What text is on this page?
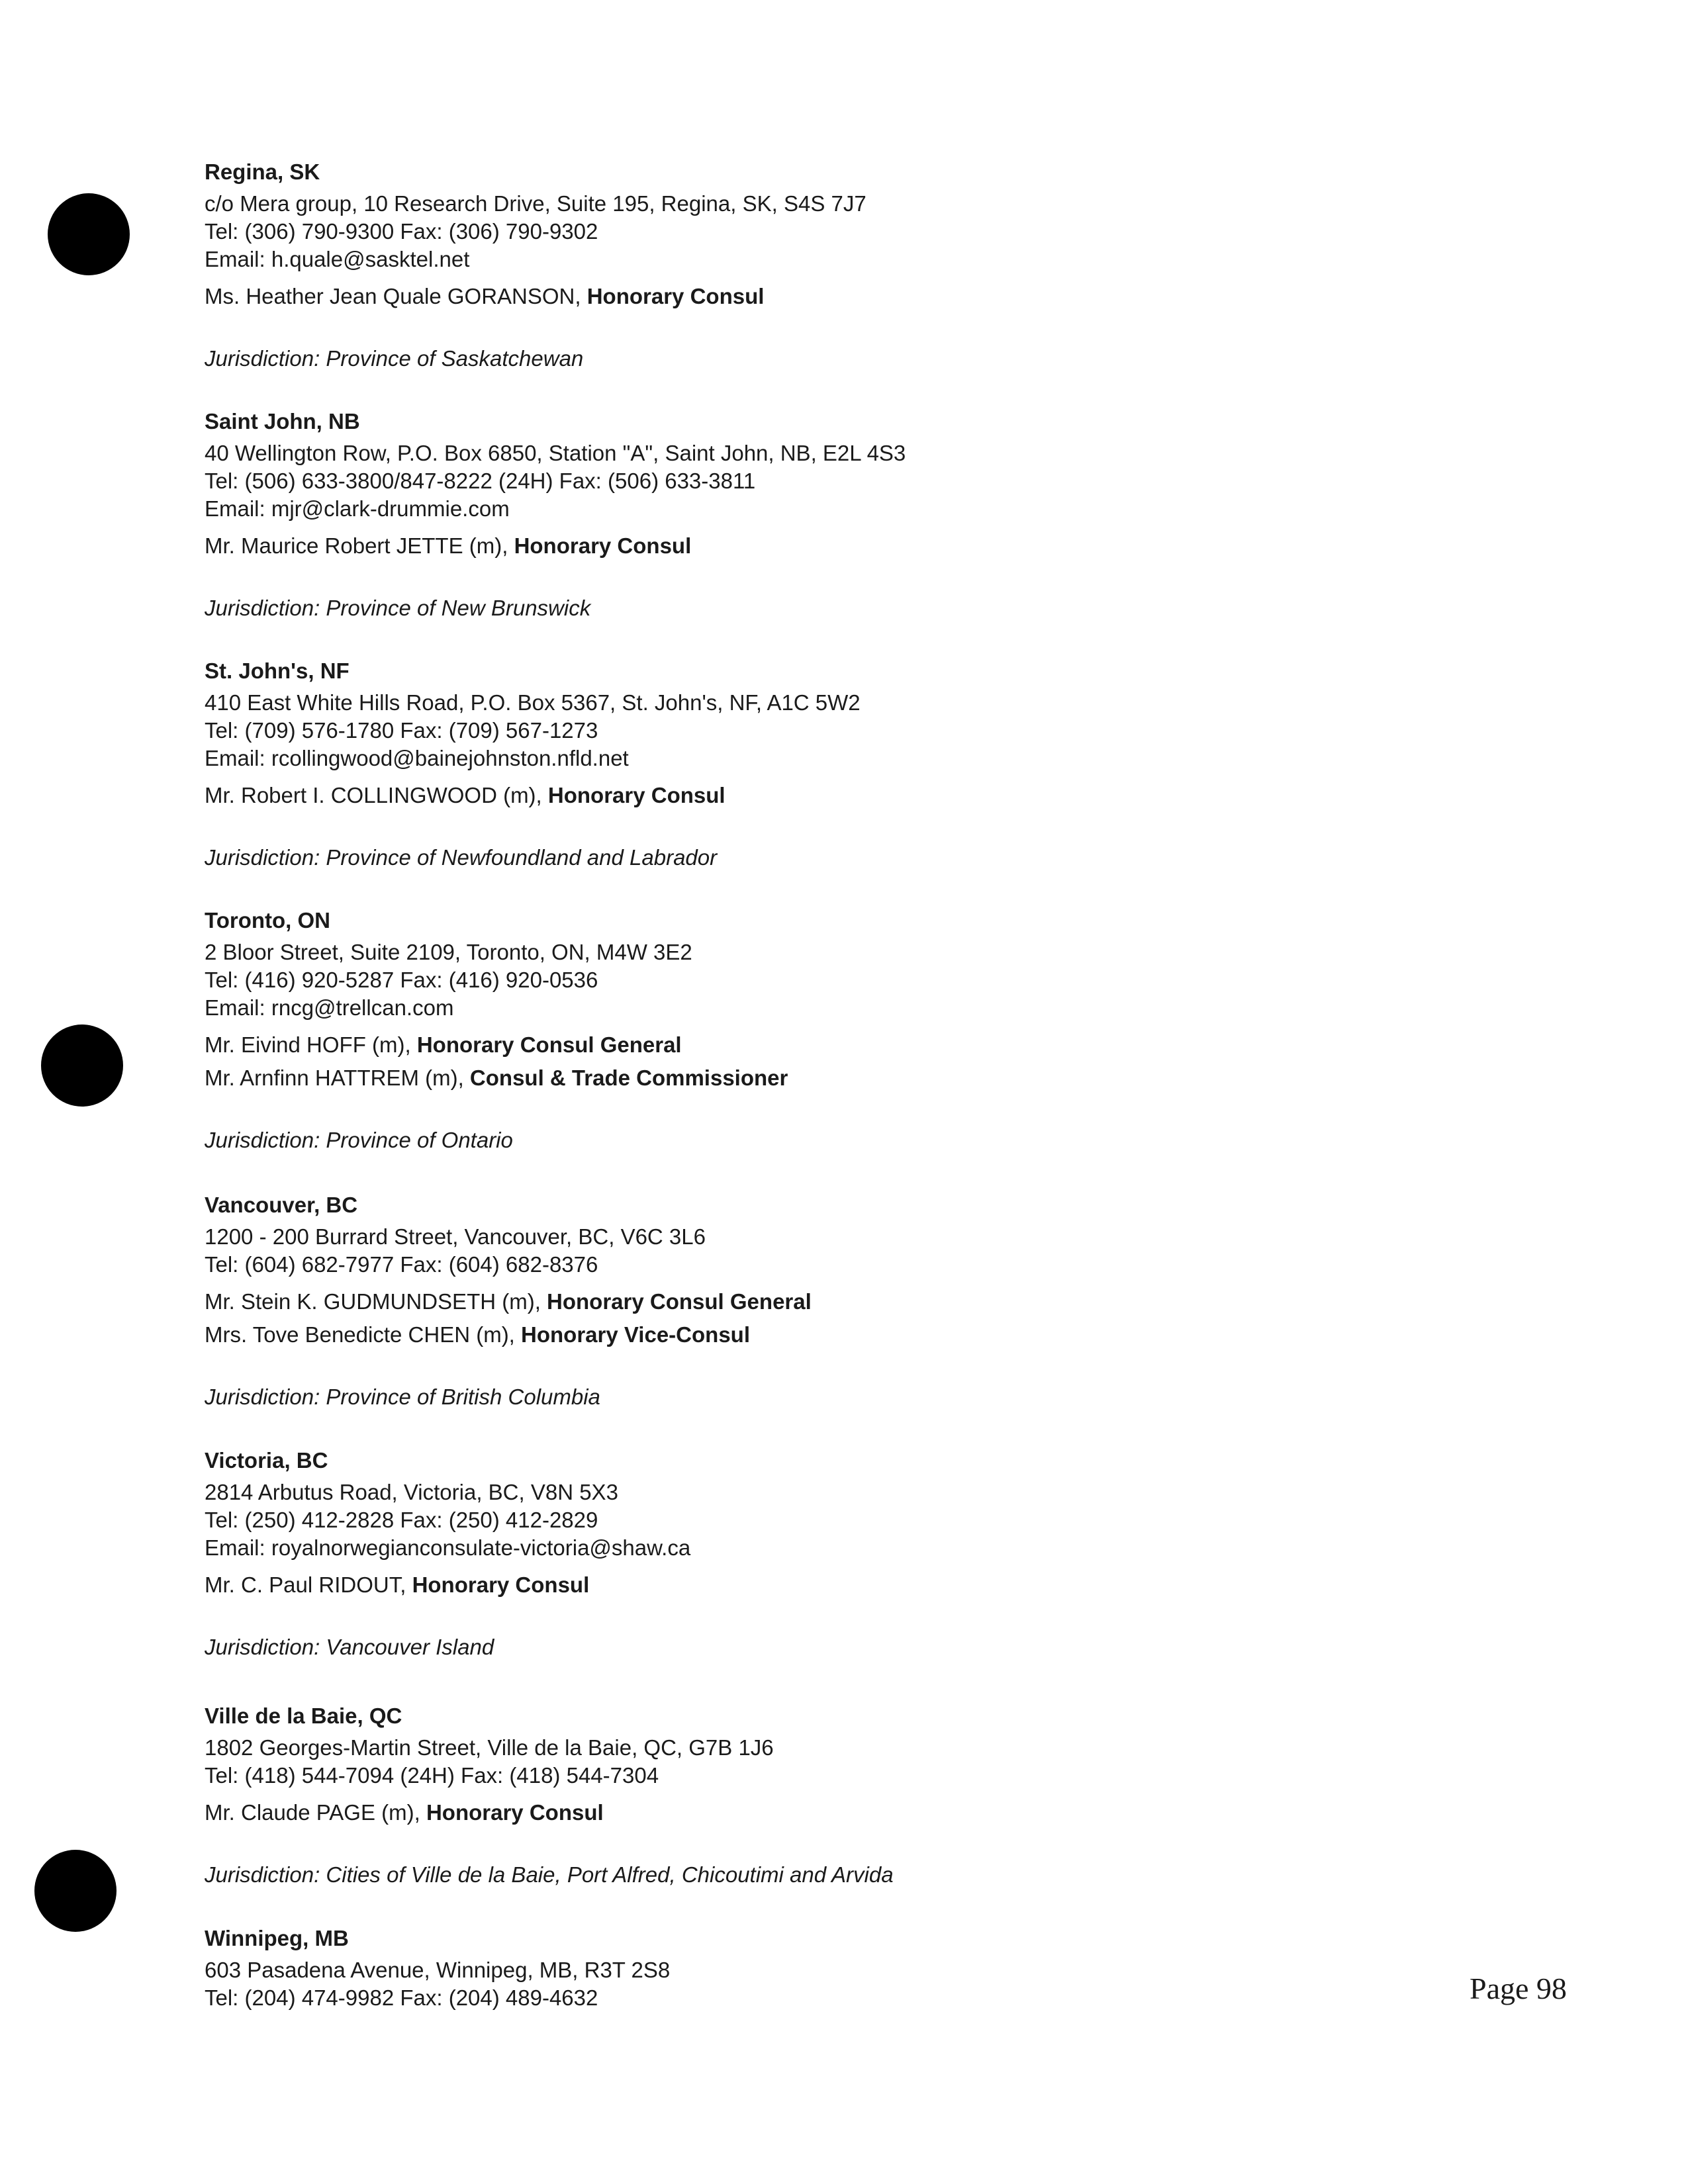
Regina, SK
c/o Mera group, 10 Research Drive, Suite 195, Regina, SK, S4S 7J7
Tel: (306) 790-9300 Fax: (306) 790-9302
Email: h.quale@sasktel.net
Ms. Heather Jean Quale GORANSON, Honorary Consul
Jurisdiction: Province of Saskatchewan
Saint John, NB
40 Wellington Row, P.O. Box 6850, Station "A", Saint John, NB, E2L 4S3
Tel: (506) 633-3800/847-8222 (24H) Fax: (506) 633-3811
Email: mjr@clark-drummie.com
Mr. Maurice Robert JETTE (m), Honorary Consul
Jurisdiction: Province of New Brunswick
St. John's, NF
410 East White Hills Road, P.O. Box 5367, St. John's, NF, A1C 5W2
Tel: (709) 576-1780 Fax: (709) 567-1273
Email: rcollingwood@bainejohnston.nfld.net
Mr. Robert I. COLLINGWOOD (m), Honorary Consul
Jurisdiction: Province of Newfoundland and Labrador
Toronto, ON
2 Bloor Street, Suite 2109, Toronto, ON, M4W 3E2
Tel: (416) 920-5287 Fax: (416) 920-0536
Email: rncg@trellcan.com
Mr. Eivind HOFF (m), Honorary Consul General
Mr. Arnfinn HATTREM (m), Consul & Trade Commissioner
Jurisdiction: Province of Ontario
Vancouver, BC
1200 - 200 Burrard Street, Vancouver, BC, V6C 3L6
Tel: (604) 682-7977 Fax: (604) 682-8376
Mr. Stein K. GUDMUNDSETH (m), Honorary Consul General
Mrs. Tove Benedicte CHEN (m), Honorary Vice-Consul
Jurisdiction: Province of British Columbia
Victoria, BC
2814 Arbutus Road, Victoria, BC, V8N 5X3
Tel: (250) 412-2828 Fax: (250) 412-2829
Email: royalnorwegianconsulate-victoria@shaw.ca
Mr. C. Paul RIDOUT, Honorary Consul
Jurisdiction: Vancouver Island
Ville de la Baie, QC
1802 Georges-Martin Street, Ville de la Baie, QC, G7B 1J6
Tel: (418) 544-7094 (24H) Fax: (418) 544-7304
Mr. Claude PAGE (m), Honorary Consul
Jurisdiction: Cities of Ville de la Baie, Port Alfred, Chicoutimi and Arvida
Winnipeg, MB
603 Pasadena Avenue, Winnipeg, MB, R3T 2S8
Tel: (204) 474-9982 Fax: (204) 489-4632	Page 98
